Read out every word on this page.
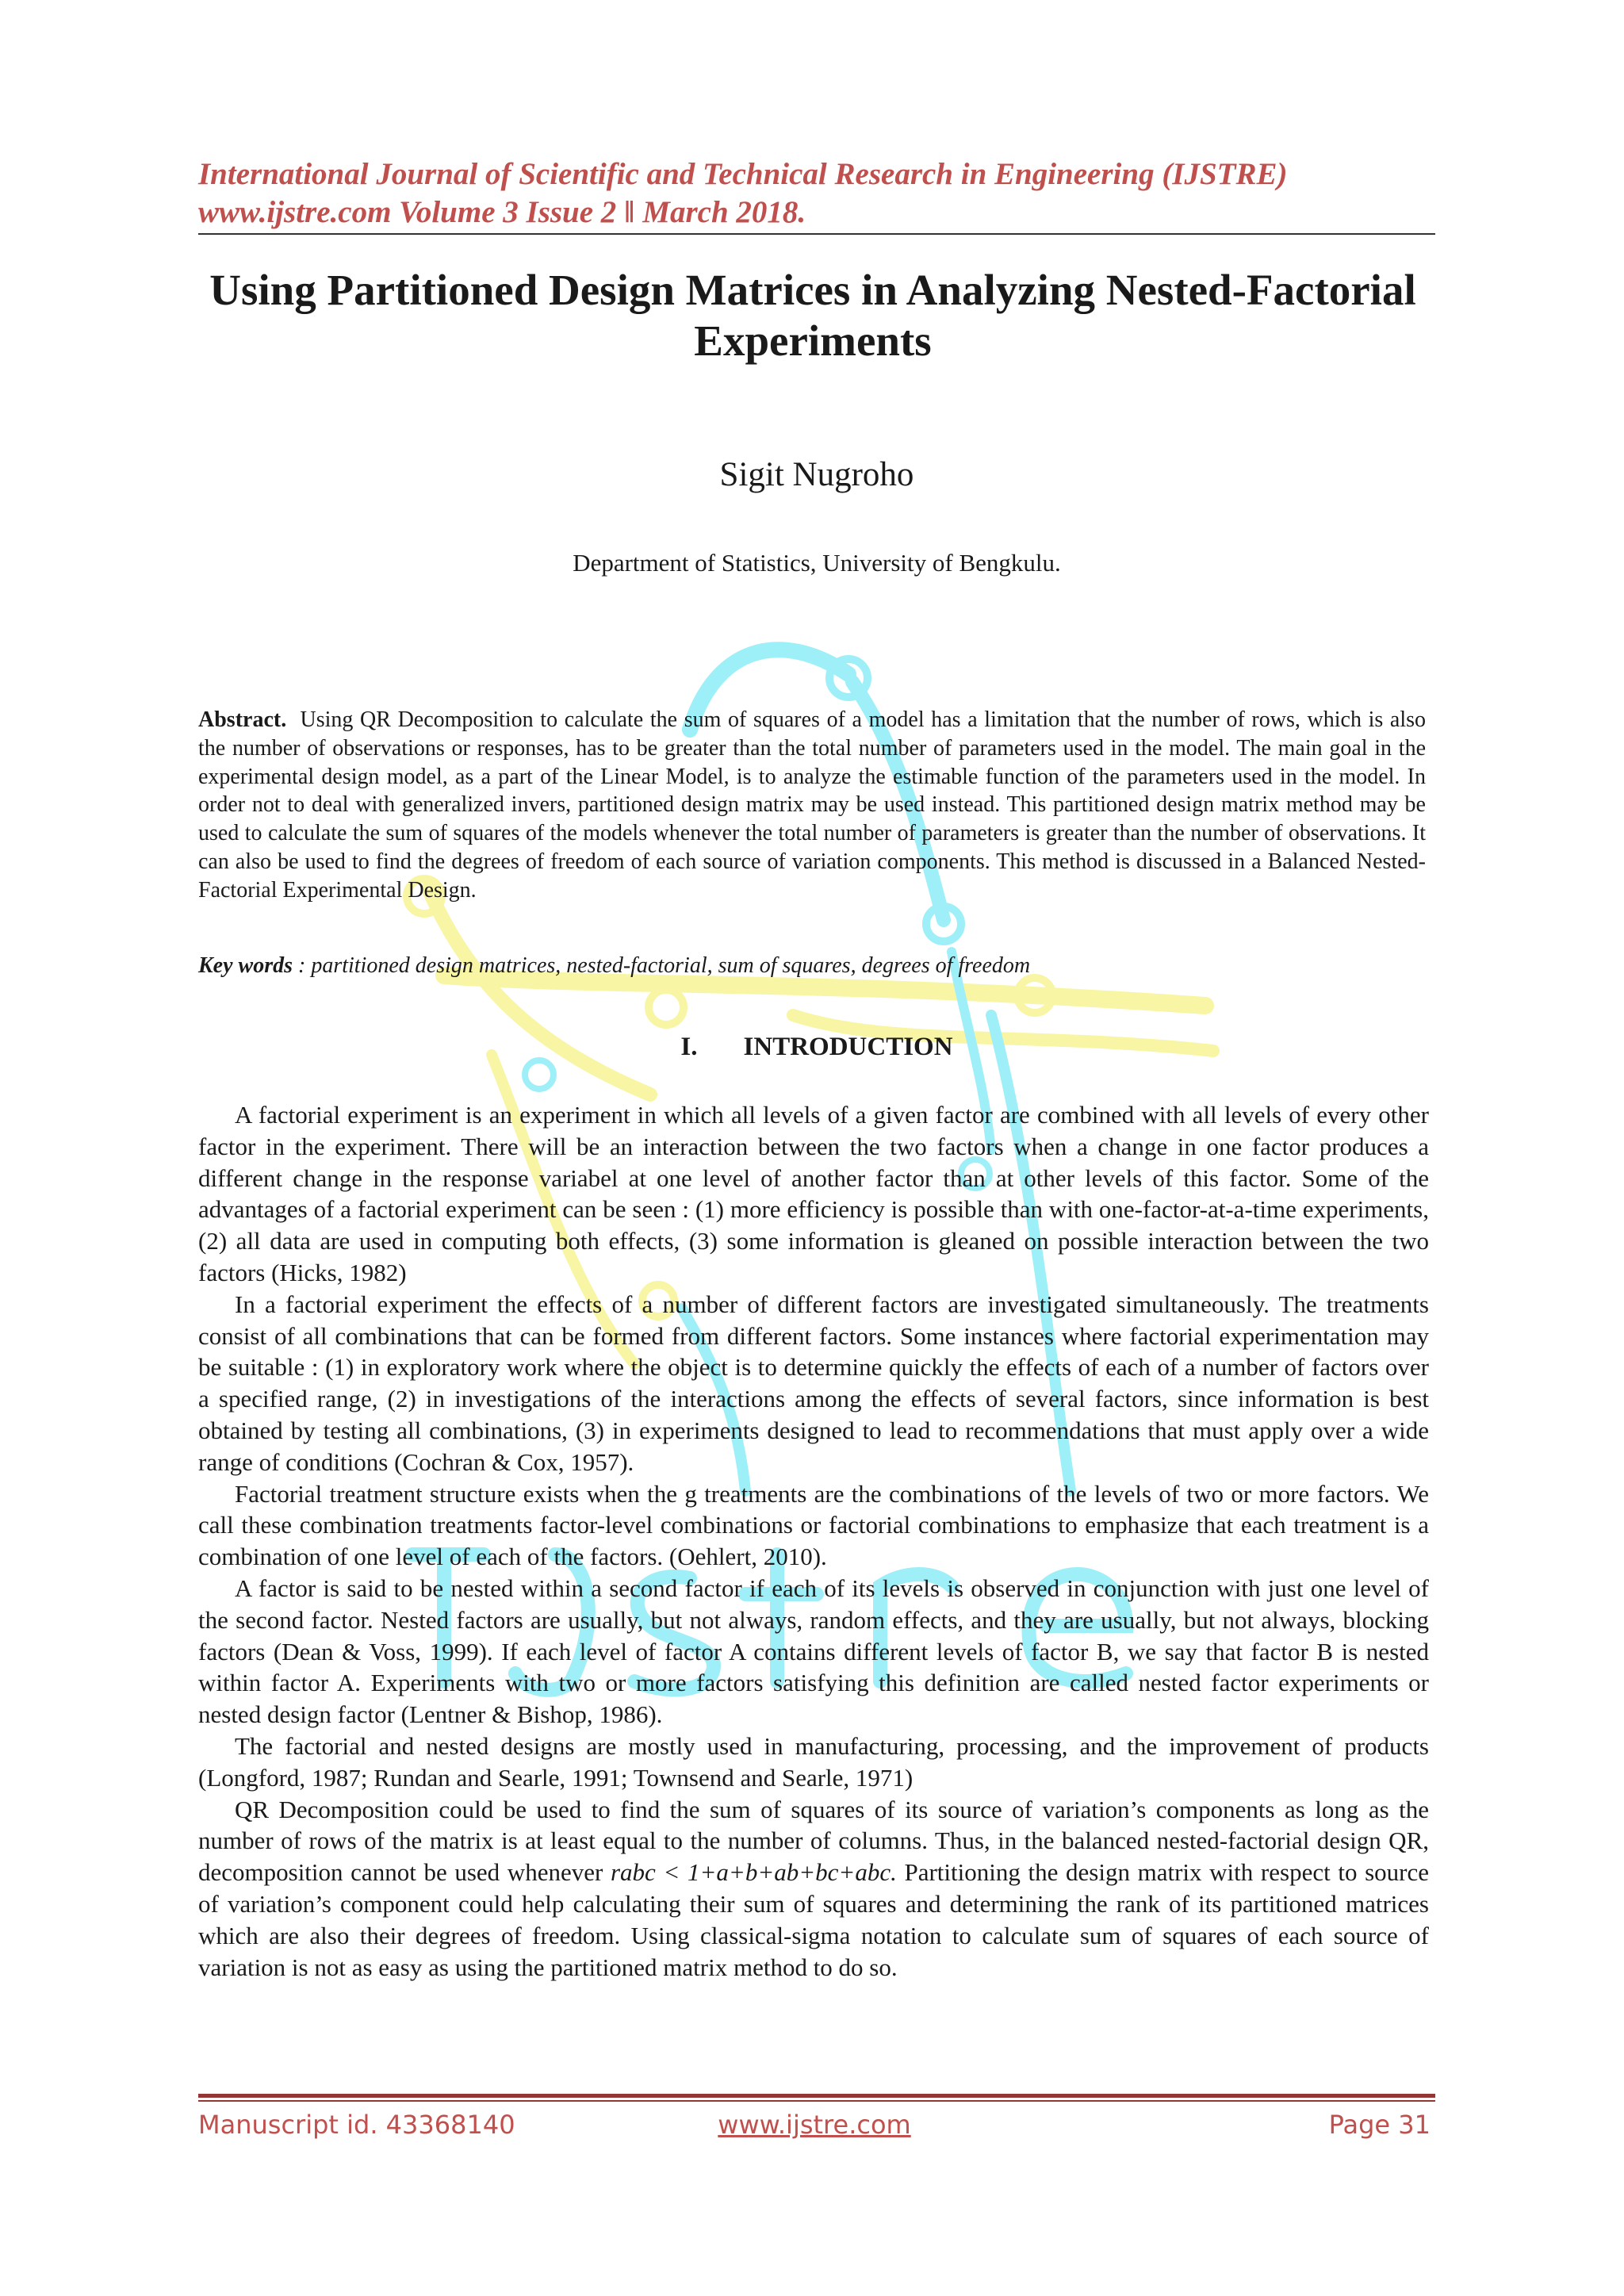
International Journal of Scientific and Technical Research in Engineering (IJSTRE)
www.ijstre.com Volume 3 Issue 2 ǁ March 2018.
Using Partitioned Design Matrices in Analyzing Nested-Factorial Experiments
Sigit Nugroho
Department of Statistics, University of Bengkulu.
Abstract. Using QR Decomposition to calculate the sum of squares of a model has a limitation that the number of rows, which is also the number of observations or responses, has to be greater than the total number of parameters used in the model. The main goal in the experimental design model, as a part of the Linear Model, is to analyze the estimable function of the parameters used in the model. In order not to deal with generalized invers, partitioned design matrix may be used instead. This partitioned design matrix method may be used to calculate the sum of squares of the models whenever the total number of parameters is greater than the number of observations. It can also be used to find the degrees of freedom of each source of variation components. This method is discussed in a Balanced Nested-Factorial Experimental Design.
Key words : partitioned design matrices, nested-factorial, sum of squares, degrees of freedom
I. INTRODUCTION

A factorial experiment is an experiment in which all levels of a given factor are combined with all levels of every other factor in the experiment. There will be an interaction between the two factors when a change in one factor produces a different change in the response variabel at one level of another factor than at other levels of this factor. Some of the advantages of a factorial experiment can be seen : (1) more efficiency is possible than with one-factor-at-a-time experiments, (2) all data are used in computing both effects, (3) some information is gleaned on possible interaction between the two factors (Hicks, 1982)

In a factorial experiment the effects of a number of different factors are investigated simultaneously. The treatments consist of all combinations that can be formed from different factors. Some instances where factorial experimentation may be suitable : (1) in exploratory work where the object is to determine quickly the effects of each of a number of factors over a specified range, (2) in investigations of the interactions among the effects of several factors, since information is best obtained by testing all combinations, (3) in experiments designed to lead to recommendations that must apply over a wide range of conditions (Cochran & Cox, 1957).

Factorial treatment structure exists when the g treatments are the combinations of the levels of two or more factors. We call these combination treatments factor-level combinations or factorial combinations to emphasize that each treatment is a combination of one level of each of the factors. (Oehlert, 2010).

A factor is said to be nested within a second factor if each of its levels is observed in conjunction with just one level of the second factor. Nested factors are usually, but not always, random effects, and they are usually, but not always, blocking factors (Dean & Voss, 1999). If each level of factor A contains different levels of factor B, we say that factor B is nested within factor A. Experiments with two or more factors satisfying this definition are called nested factor experiments or nested design factor (Lentner & Bishop, 1986).

The factorial and nested designs are mostly used in manufacturing, processing, and the improvement of products (Longford, 1987; Rundan and Searle, 1991; Townsend and Searle, 1971)

QR Decomposition could be used to find the sum of squares of its source of variation’s components as long as the number of rows of the matrix is at least equal to the number of columns. Thus, in the balanced nested-factorial design QR, decomposition cannot be used whenever rabc < 1+a+b+ab+bc+abc. Partitioning the design matrix with respect to source of variation’s component could help calculating their sum of squares and determining the rank of its partitioned matrices which are also their degrees of freedom. Using classical-sigma notation to calculate sum of squares of each source of variation is not as easy as using the partitioned matrix method to do so.

Manuscript id. 43368140	www.ijstre.com	Page 31
